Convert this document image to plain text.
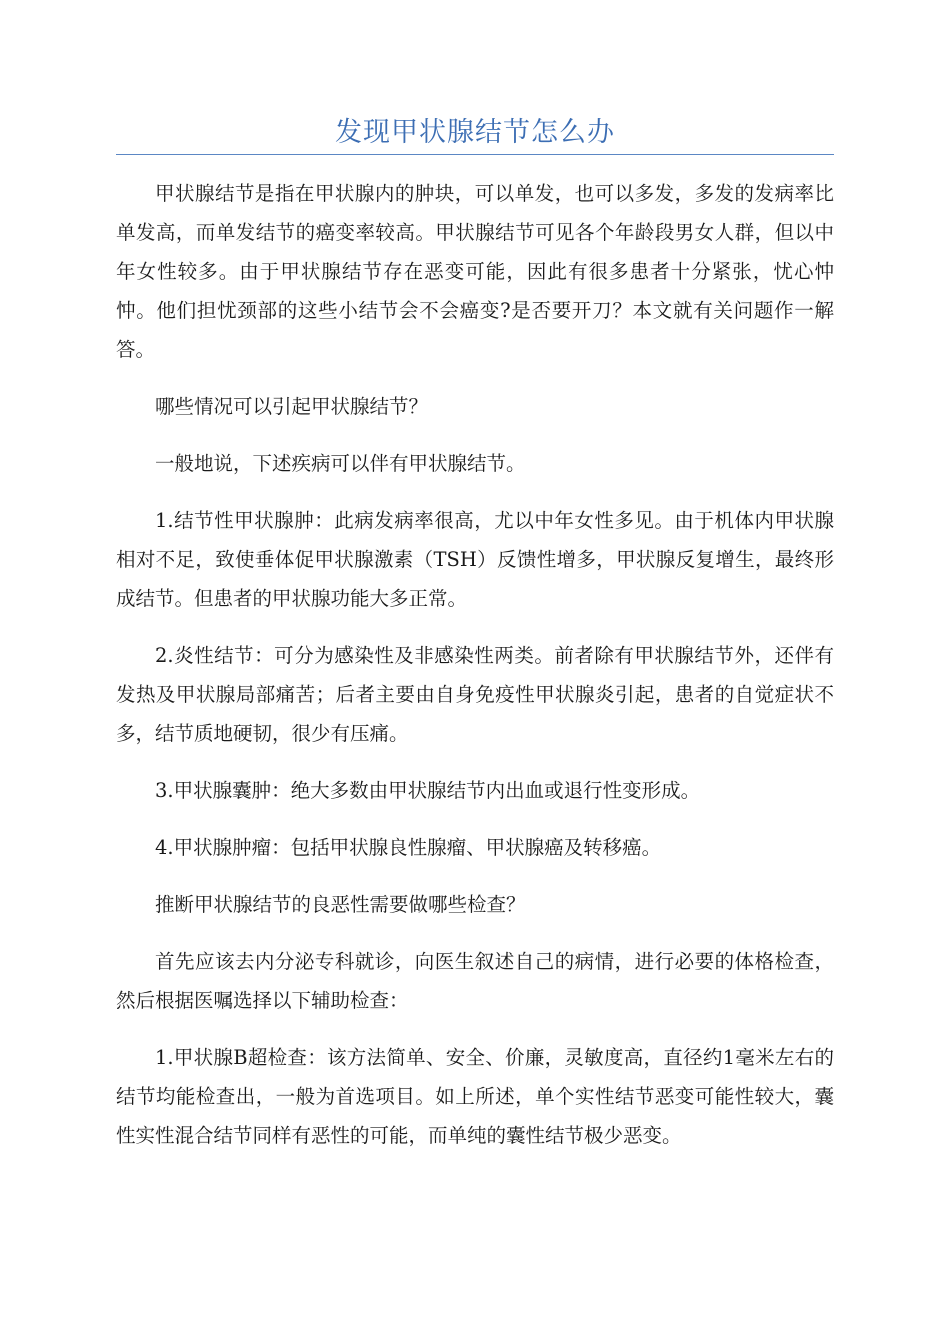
发现甲状腺结节怎么办

甲状腺结节是指在甲状腺内的肿块，可以单发，也可以多发，多发的发病率比单发高，而单发结节的癌变率较高。甲状腺结节可见各个年龄段男女人群，但以中年女性较多。由于甲状腺结节存在恶变可能，因此有很多患者十分紧张，忧心忡忡。他们担忧颈部的这些小结节会不会癌变?是否要开刀？本文就有关问题作一解答。

哪些情况可以引起甲状腺结节？

一般地说，下述疾病可以伴有甲状腺结节。

1.结节性甲状腺肿：此病发病率很高，尤以中年女性多见。由于机体内甲状腺相对不足，致使垂体促甲状腺激素（TSH）反馈性增多，甲状腺反复增生，最终形成结节。但患者的甲状腺功能大多正常。

2.炎性结节：可分为感染性及非感染性两类。前者除有甲状腺结节外，还伴有发热及甲状腺局部痛苦；后者主要由自身免疫性甲状腺炎引起，患者的自觉症状不多，结节质地硬韧，很少有压痛。

3.甲状腺囊肿：绝大多数由甲状腺结节内出血或退行性变形成。

4.甲状腺肿瘤：包括甲状腺良性腺瘤、甲状腺癌及转移癌。

推断甲状腺结节的良恶性需要做哪些检查？

首先应该去内分泌专科就诊，向医生叙述自己的病情，进行必要的体格检查，然后根据医嘱选择以下辅助检查：

1.甲状腺B超检查：该方法简单、安全、价廉，灵敏度高，直径约1毫米左右的结节均能检查出，一般为首选项目。如上所述，单个实性结节恶变可能性较大，囊性实性混合结节同样有恶性的可能，而单纯的囊性结节极少恶变。
